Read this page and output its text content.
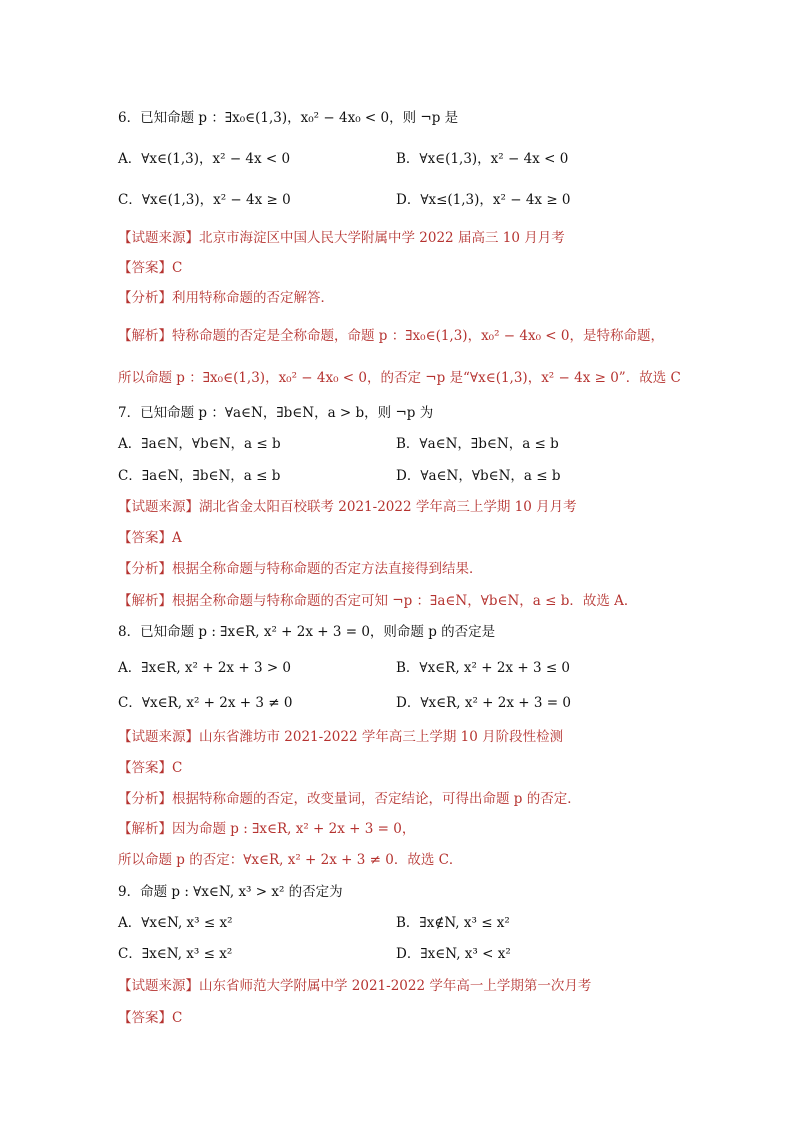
6．已知命题 p ：∃x₀∈(1,3)，x₀² − 4x₀ < 0，则 ¬p 是
A．∀x∈(1,3)，x² − 4x < 0	B．∀x∈(1,3)，x² − 4x < 0
C．∀x∈(1,3)，x² − 4x ≥ 0	D．∀x≤(1,3)，x² − 4x ≥ 0
【试题来源】北京市海淀区中国人民大学附属中学 2022 届高三 10 月月考
【答案】C
【分析】利用特称命题的否定解答．
【解析】特称命题的否定是全称命题，命题 p ：∃x₀∈(1,3)，x₀² − 4x₀ < 0，是特称命题，
所以命题 p ：∃x₀∈(1,3)，x₀² − 4x₀ < 0，的否定 ¬p 是“∀x∈(1,3)，x² − 4x ≥ 0”．故选 C
7．已知命题 p ：∀a∈N，∃b∈N，a > b，则 ¬p 为
A．∃a∈N，∀b∈N，a ≤ b	B．∀a∈N，∃b∈N，a ≤ b
C．∃a∈N，∃b∈N，a ≤ b	D．∀a∈N，∀b∈N，a ≤ b
【试题来源】湖北省金太阳百校联考 2021-2022 学年高三上学期 10 月月考
【答案】A
【分析】根据全称命题与特称命题的否定方法直接得到结果．
【解析】根据全称命题与特称命题的否定可知 ¬p ：∃a∈N，∀b∈N，a ≤ b．故选 A．
8．已知命题 p : ∃x∈R, x² + 2x + 3 = 0，则命题 p 的否定是
A．∃x∈R, x² + 2x + 3 > 0	B．∀x∈R, x² + 2x + 3 ≤ 0
C．∀x∈R, x² + 2x + 3 ≠ 0	D．∀x∈R, x² + 2x + 3 = 0
【试题来源】山东省潍坊市 2021-2022 学年高三上学期 10 月阶段性检测
【答案】C
【分析】根据特称命题的否定，改变量词，否定结论，可得出命题 p 的否定．
【解析】因为命题 p : ∃x∈R, x² + 2x + 3 = 0，
所以命题 p 的否定：∀x∈R, x² + 2x + 3 ≠ 0．故选 C．
9．命题 p : ∀x∈N, x³ > x² 的否定为
A．∀x∈N, x³ ≤ x²	B．∃x∉N, x³ ≤ x²
C．∃x∈N, x³ ≤ x²	D．∃x∈N, x³ < x²
【试题来源】山东省师范大学附属中学 2021-2022 学年高一上学期第一次月考
【答案】C
